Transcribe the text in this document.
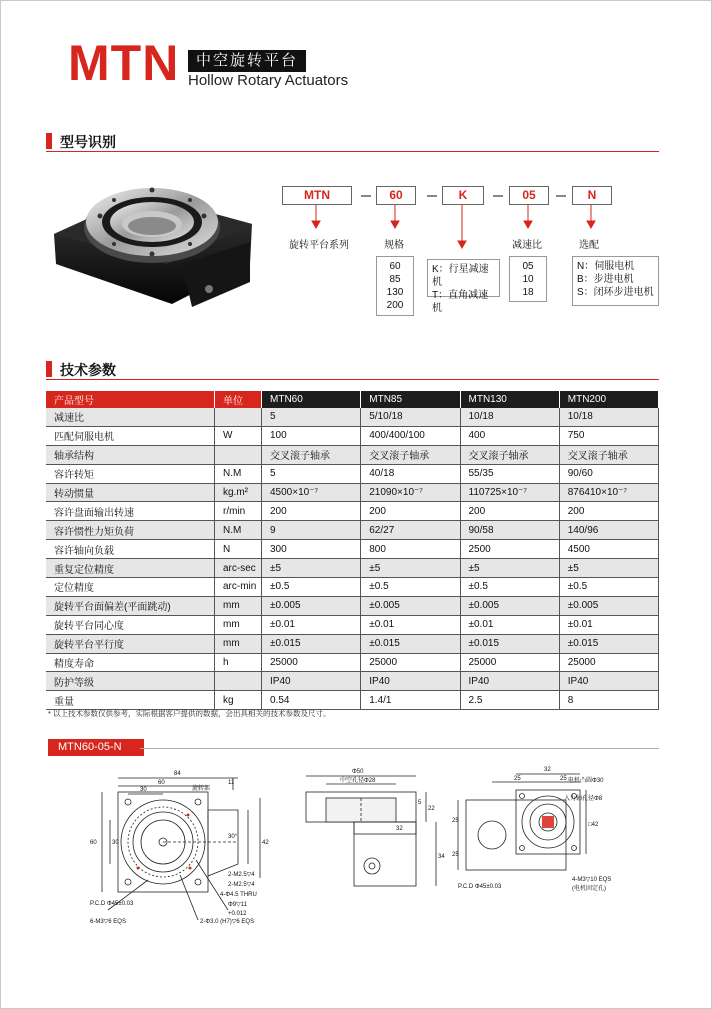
MTN	中空旋转平台
Hollow Rotary Actuators
型号识别
MTN	60	K	05	N
旋转平台系列	规格	减速比	选配
60
85
130
200
K：行星减速机
T：直角减速机
05
10
18
N：伺服电机
B：步进电机
S：闭环步进电机
技术参数
产品型号	单位	MTN60	MTN85	MTN130	MTN200
减速比		5	5/10/18	10/18	10/18
匹配伺服电机	W	100	400/400/100	400	750
轴承结构		交叉滚子轴承	交叉滚子轴承	交叉滚子轴承	交叉滚子轴承
容许转矩	N.M	5	40/18	55/35	90/60
转动惯量	kg.m²	4500×10⁻⁷	21090×10⁻⁷	110725×10⁻⁷	876410×10⁻⁷
容许盘面输出转速	r/min	200	200	200	200
容许惯性力矩负荷	N.M	9	62/27	90/58	140/96
容许轴向负载	N	300	800	2500	4500
重复定位精度	arc-sec	±5	±5	±5	±5
定位精度	arc-min	±0.5	±0.5	±0.5	±0.5
旋转平台面偏差(平面跳动)	mm	±0.005	±0.005	±0.005	±0.005
旋转平台同心度	mm	±0.01	±0.01	±0.01	±0.01
旋转平台平行度	mm	±0.015	±0.015	±0.015	±0.015
精度寿命	h	25000	25000	25000	25000
防护等级		IP40	IP40	IP40	IP40
重量	kg	0.54	1.4/1	2.5	8
* 以上技术参数仅供参考，实际根据客户提供的数据，会出具相关的技术参数及尺寸。
MTN60-05-N
84
60
30
11
60	30
30°
42
旋转部
2-M2.5▽4
2-M2.5▽4
4-Φ4.5 THRU
Φ9▽11
P.C.D Φ45±0.03
6-M3▽6 EQS
+0.012
2-Φ3.0 (H7)▽6 EQS
Φ50
5
32
22
34
中空孔径Φ28
32
25	25
25
25
□42
电机凸圆Φ30
入力轴孔径Φ8
P.C.D Φ45±0.03
4-M3▽10 EQS
(电机固定孔)
